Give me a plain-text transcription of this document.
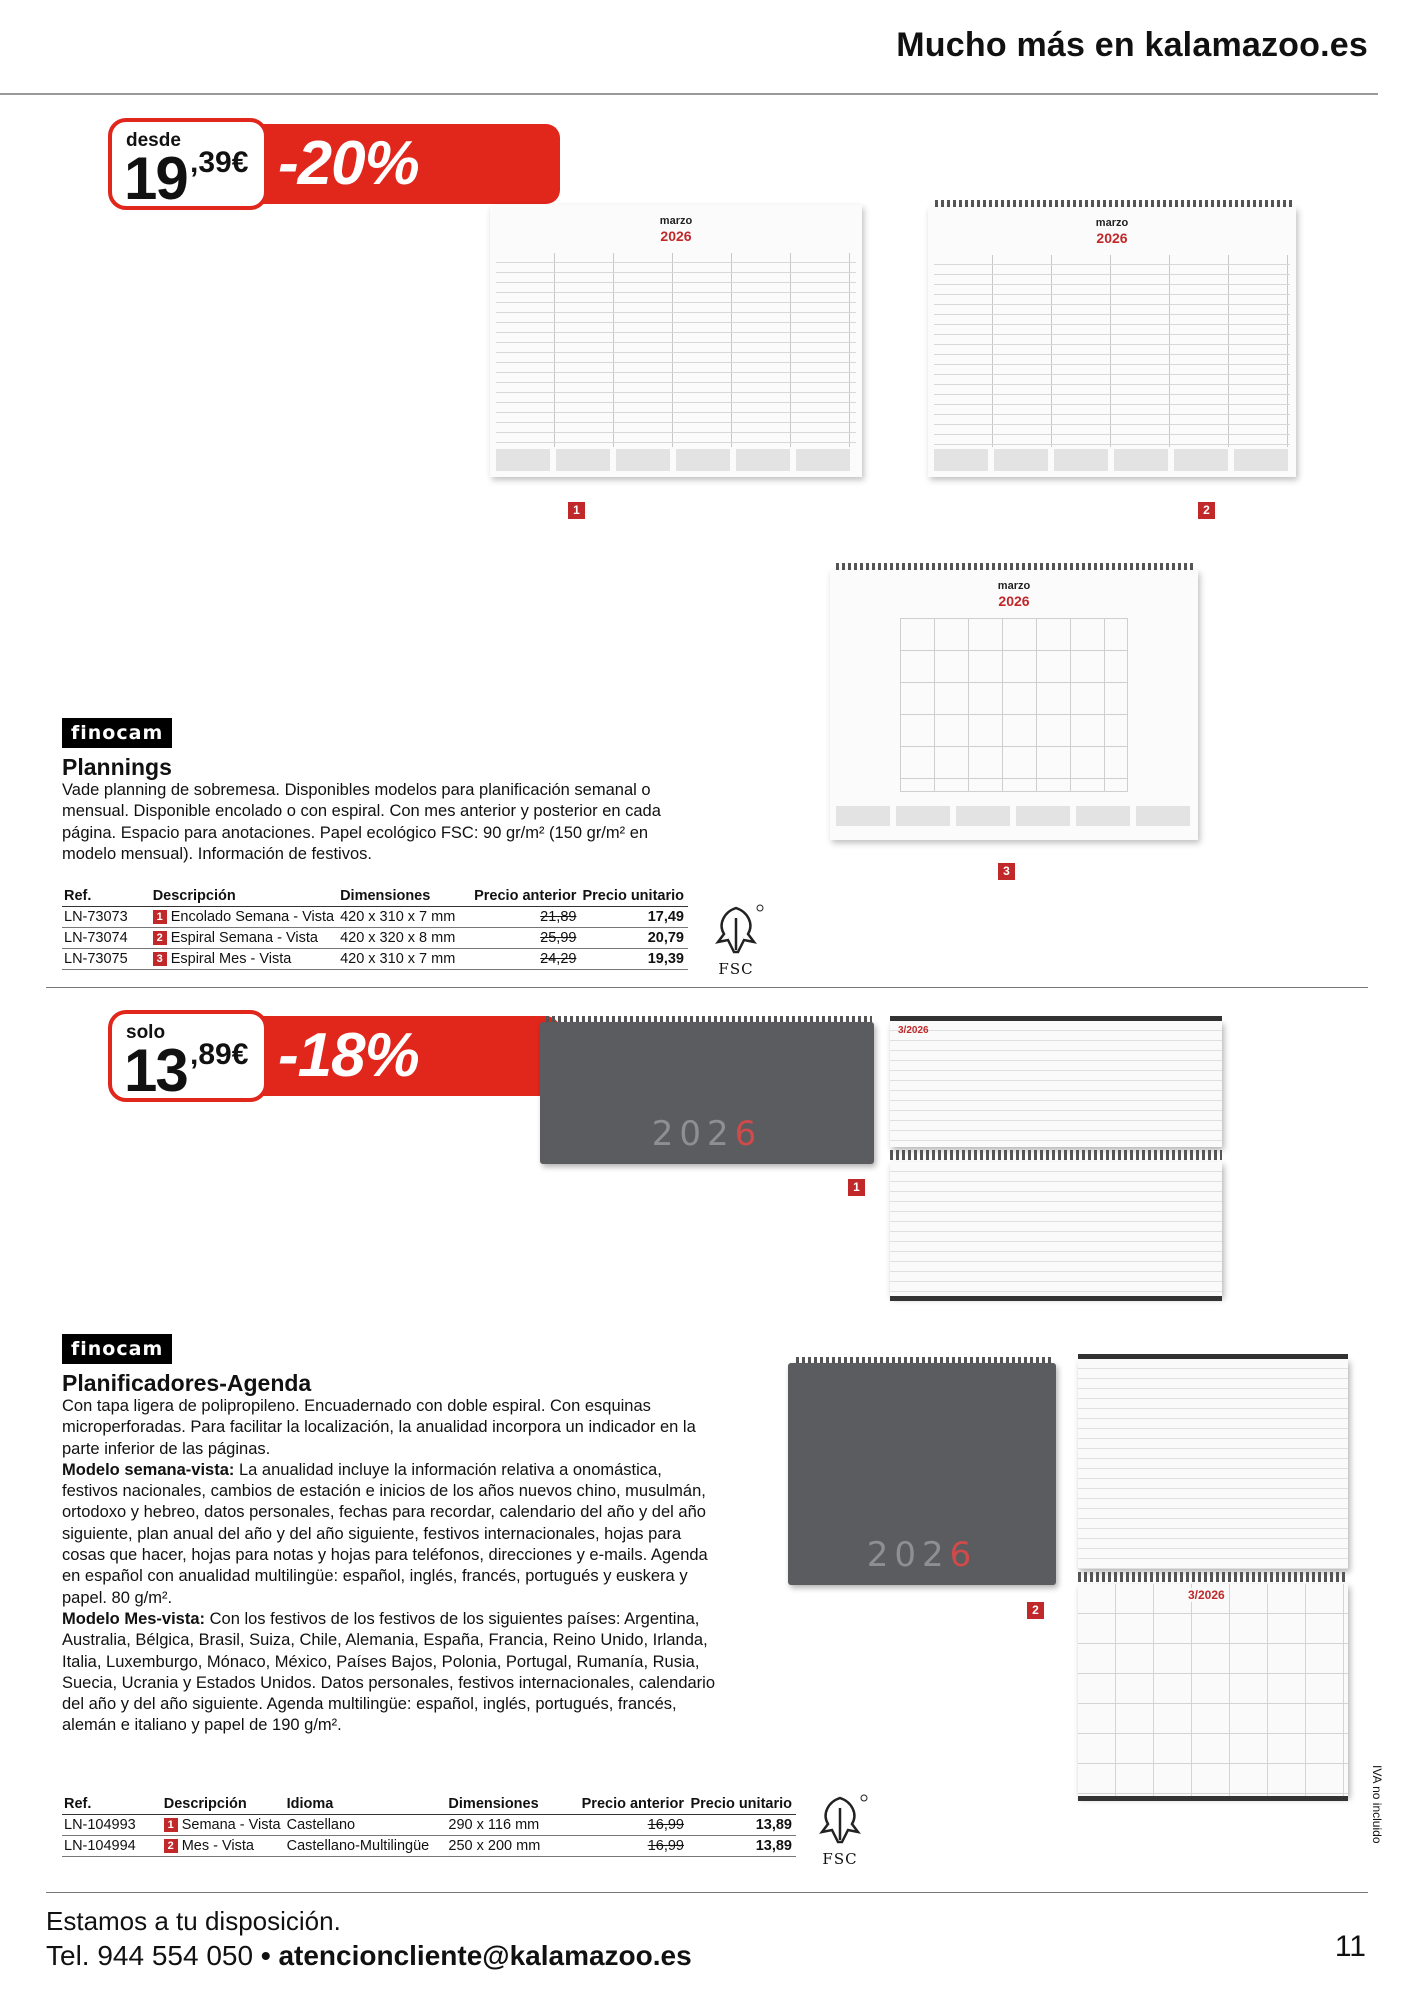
Mucho más en kalamazoo.es
desde
19 ,39€ -20%
marzo
2026
1
marzo
2026
2
marzo
2026
3
finocam
Plannings
Vade planning de sobremesa. Disponibles modelos para planificación semanal o mensual. Disponible encolado o con espiral. Con mes anterior y posterior en cada página. Espacio para anotaciones. Papel ecológico FSC: 90 gr/m² (150 gr/m² en modelo mensual). Información de festivos.
Ref.	Descripción	Dimensiones	Precio anterior	Precio unitario
LN-73073	1 Encolado Semana - Vista	420 x 310 x 7 mm	21,89	17,49
LN-73074	2 Espiral Semana - Vista	420 x 320 x 8 mm	25,99	20,79
LN-73075	3 Espiral Mes - Vista	420 x 310 x 7 mm	24,29	19,39
FSC
solo
13 ,89€ -18%
2026
1
3/2026
2026
2
3/2026
finocam
Planificadores-Agenda
Con tapa ligera de polipropileno. Encuadernado con doble espiral. Con esquinas microperforadas. Para facilitar la localización, la anualidad incorpora un indicador en la parte inferior de las páginas.
Modelo semana-vista: La anualidad incluye la información relativa a onomástica, festivos nacionales, cambios de estación e inicios de los años nuevos chino, musulmán, ortodoxo y hebreo, datos personales, fechas para recordar, calendario del año y del año siguiente, plan anual del año y del año siguiente, festivos internacionales, hojas para cosas que hacer, hojas para notas y hojas para teléfonos, direcciones y e-mails. Agenda en español con anualidad multilingüe: español, inglés, francés, portugués y euskera y papel. 80 g/m².
Modelo Mes-vista: Con los festivos de los festivos de los siguientes países: Argentina, Australia, Bélgica, Brasil, Suiza, Chile, Alemania, España, Francia, Reino Unido, Irlanda, Italia, Luxemburgo, Mónaco, México, Países Bajos, Polonia, Portugal, Rumanía, Rusia, Suecia, Ucrania y Estados Unidos. Datos personales, festivos internacionales, calendario del año y del año siguiente. Agenda multilingüe: español, inglés, portugués, francés, alemán e italiano y papel de 190 g/m².
Ref.	Descripción	Idioma	Dimensiones	Precio anterior	Precio unitario
LN-104993	1 Semana - Vista	Castellano	290 x 116 mm	16,99	13,89
LN-104994	2 Mes - Vista	Castellano-Multilingüe	250 x 200 mm	16,99	13,89
FSC
IVA no incluido
Estamos a tu disposición.
Tel. 944 554 050 • atencioncliente@kalamazoo.es	11
